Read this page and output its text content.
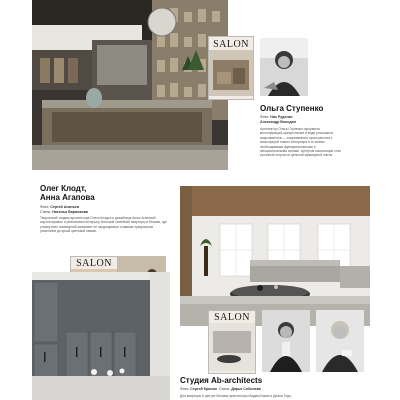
SALON
Ольга Ступенко
Фото: Ник Руденко
Александр Володин
Архитектор Ольга Ступенко оформила многофункций-щпную ниcше в виде роскошных апартаментов — современного пространства с атмосферой нового интерьера и со всеми необходимыми функциональными и эмоциональными зонами. Центром композиции стал кухонный остров из цельной мраморной плиты.
Олег Клодт,
Анна Агапова
Фото: Сергей Ананьев
Стиль: Наталья Вармикова
Творческий тандем архитектора Олега Клодта и дизайнера Анны Агаповой спроектировал и реализовал интерьер большой семейной квартиры в Москве, где уловку всех помещений занимают не сводящимися ставшим прекрасным решением до яркой цветовой гаммы.
SALON
SALON
Студия Ab-architects
Фото: Сергей Красюк Стиль: Дарья Соболева
Для квартиры в центре Москвы архитекторы Вадим Бакин и Диана Тедо-
